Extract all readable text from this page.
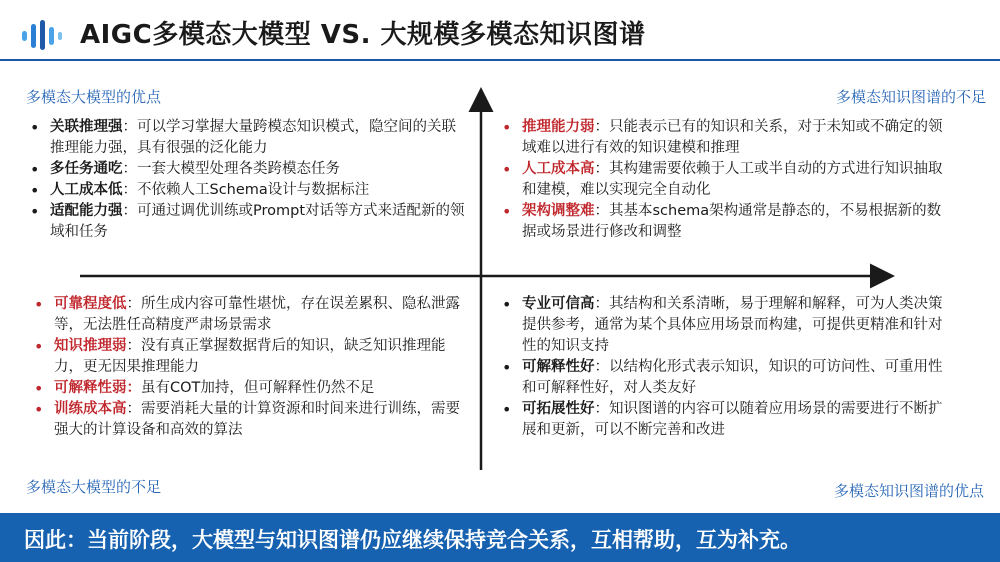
AIGC多模态大模型 VS. 大规模多模态知识图谱
多模态大模型的优点	多模态知识图谱的不足
多模态大模型的不足	多模态知识图谱的优点
• 关联推理强：可以学习掌握大量跨模态知识模式，隐空间的关联推理能力强，具有很强的泛化能力
• 多任务通吃：一套大模型处理各类跨模态任务
• 人工成本低：不依赖人工Schema设计与数据标注
• 适配能力强：可通过调优训练或Prompt对话等方式来适配新的领域和任务
• 推理能力弱：只能表示已有的知识和关系，对于未知或不确定的领域难以进行有效的知识建模和推理
• 人工成本高：其构建需要依赖于人工或半自动的方式进行知识抽取和建模，难以实现完全自动化
• 架构调整难：其基本schema架构通常是静态的，不易根据新的数据或场景进行修改和调整
• 可靠程度低：所生成内容可靠性堪忧，存在误差累积、隐私泄露等，无法胜任高精度严肃场景需求
• 知识推理弱：没有真正掌握数据背后的知识，缺乏知识推理能力，更无因果推理能力
• 可解释性弱：虽有COT加持，但可解释性仍然不足
• 训练成本高：需要消耗大量的计算资源和时间来进行训练，需要强大的计算设备和高效的算法
• 专业可信高：其结构和关系清晰，易于理解和解释，可为人类决策提供参考，通常为某个具体应用场景而构建，可提供更精准和针对性的知识支持
• 可解释性好：以结构化形式表示知识，知识的可访问性、可重用性和可解释性好，对人类友好
• 可拓展性好：知识图谱的内容可以随着应用场景的需要进行不断扩展和更新，可以不断完善和改进
因此：当前阶段，大模型与知识图谱仍应继续保持竞合关系，互相帮助，互为补充。
